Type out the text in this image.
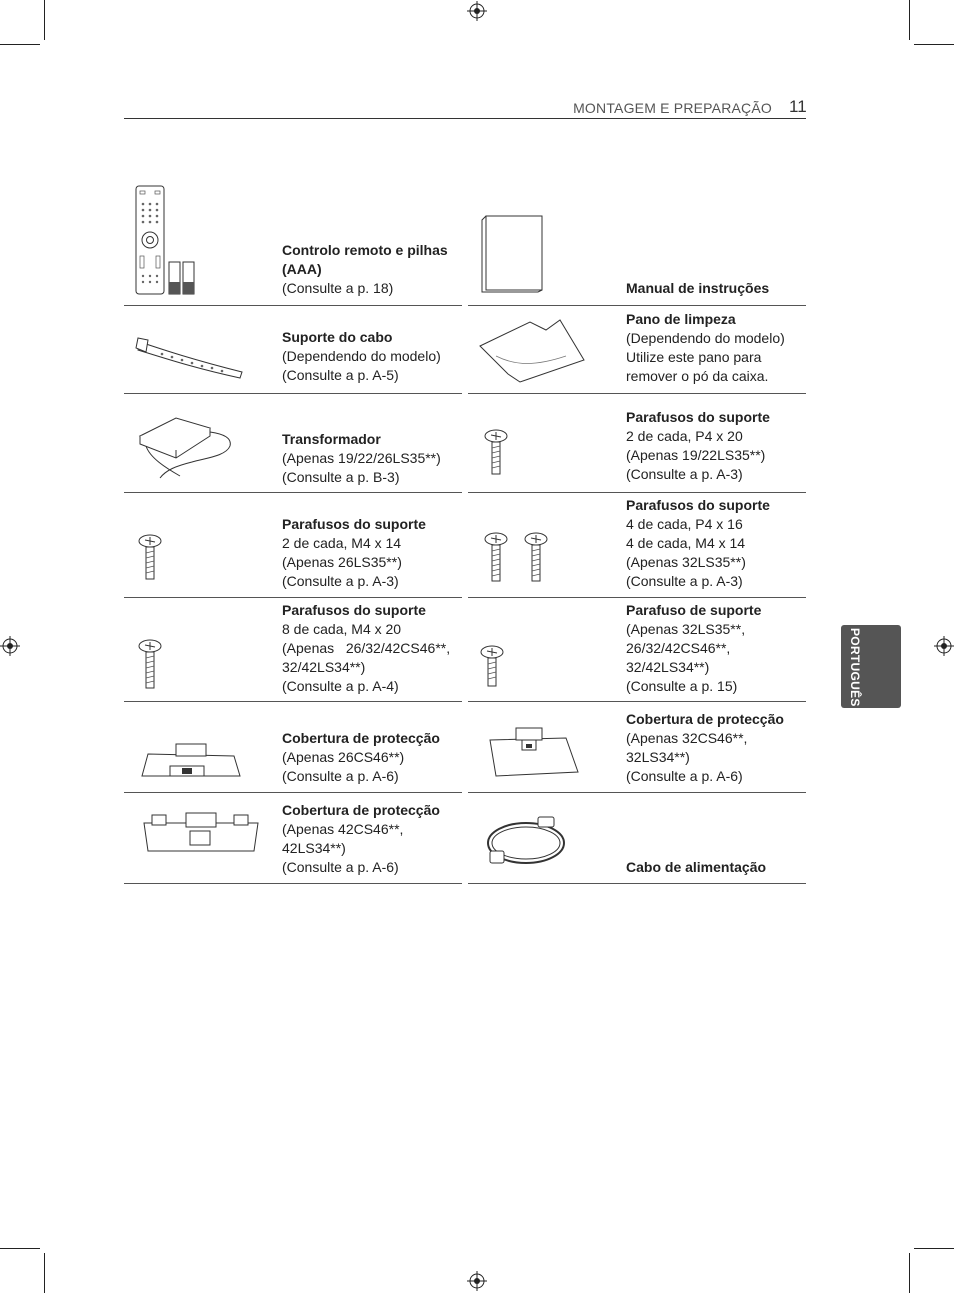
MONTAGEM E PREPARAÇÃO 11
PORTUGUÊS
Controlo remoto e pilhas (AAA)
(Consulte a p. 18)	Manual de instruções
Suporte do cabo
(Dependendo do modelo)
(Consulte a p. A-5)
Pano de limpeza
(Dependendo do modelo)
Utilize este pano para
remover o pó da caixa.
Transformador
(Apenas 19/22/26LS35**)
(Consulte a p. B-3)
Parafusos do suporte
2 de cada, P4 x 20
(Apenas 19/22LS35**)
(Consulte a p. A-3)
Parafusos do suporte
2 de cada, M4 x 14
(Apenas 26LS35**)
(Consulte a p. A-3)
Parafusos do suporte
4 de cada, P4 x 16
4 de cada, M4 x 14
(Apenas 32LS35**)
(Consulte a p. A-3)
Parafusos do suporte
8 de cada, M4 x 20
(Apenas   26/32/42CS46**,
32/42LS34**)
(Consulte a p. A-4)
Parafuso de suporte
(Apenas 32LS35**,
26/32/42CS46**,
32/42LS34**)
(Consulte a p. 15)
Cobertura de protecção
(Apenas 26CS46**)
(Consulte a p. A-6)
Cobertura de protecção
(Apenas 32CS46**,
32LS34**)
(Consulte a p. A-6)
Cobertura de protecção
(Apenas 42CS46**,
42LS34**)
(Consulte a p. A-6)	Cabo de alimentação
